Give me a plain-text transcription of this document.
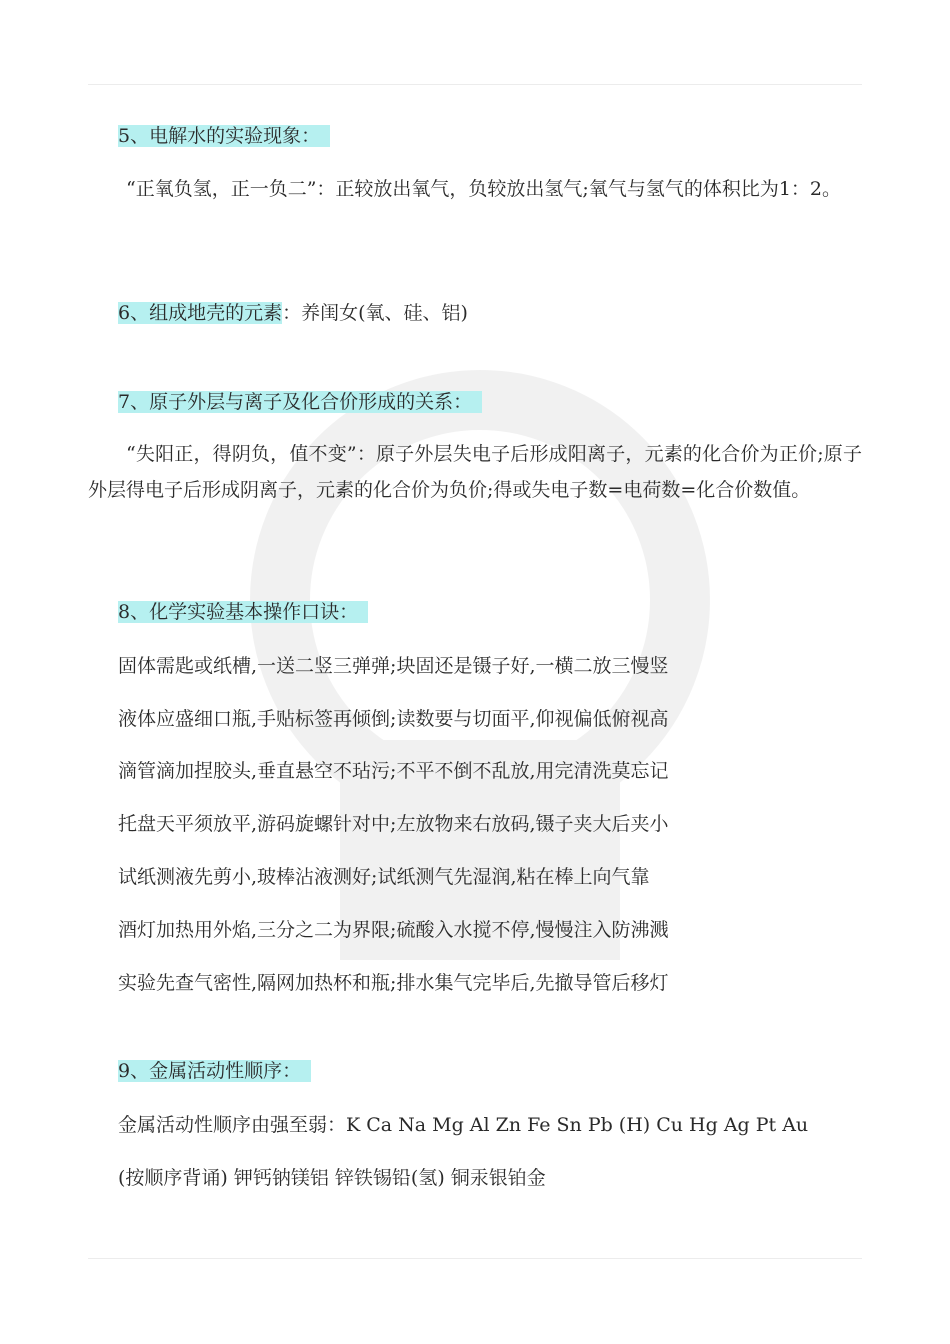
5、电解水的实验现象：

“正氧负氢，正一负二”：正较放出氧气，负较放出氢气;氧气与氢气的体积比为1：2。

6、组成地壳的元素：养闺女(氧、硅、铝)
7、原子外层与离子及化合价形成的关系：

“失阳正，得阴负，值不变”：原子外层失电子后形成阳离子，元素的化合价为正价;原子外层得电子后形成阴离子，元素的化合价为负价;得或失电子数=电荷数=化合价数值。

8、化学实验基本操作口诀：
固体需匙或纸槽,一送二竖三弹弹;块固还是镊子好,一横二放三慢竖
液体应盛细口瓶,手贴标签再倾倒;读数要与切面平,仰视偏低俯视高
滴管滴加捏胶头,垂直悬空不玷污;不平不倒不乱放,用完清洗莫忘记
托盘天平须放平,游码旋螺针对中;左放物来右放码,镊子夹大后夹小
试纸测液先剪小,玻棒沾液测好;试纸测气先湿润,粘在棒上向气靠
酒灯加热用外焰,三分之二为界限;硫酸入水搅不停,慢慢注入防沸溅
实验先查气密性,隔网加热杯和瓶;排水集气完毕后,先撤导管后移灯
9、金属活动性顺序：
金属活动性顺序由强至弱：K Ca Na Mg Al Zn Fe Sn Pb (H) Cu Hg Ag Pt Au
(按顺序背诵) 钾钙钠镁铝 锌铁锡铅(氢) 铜汞银铂金
